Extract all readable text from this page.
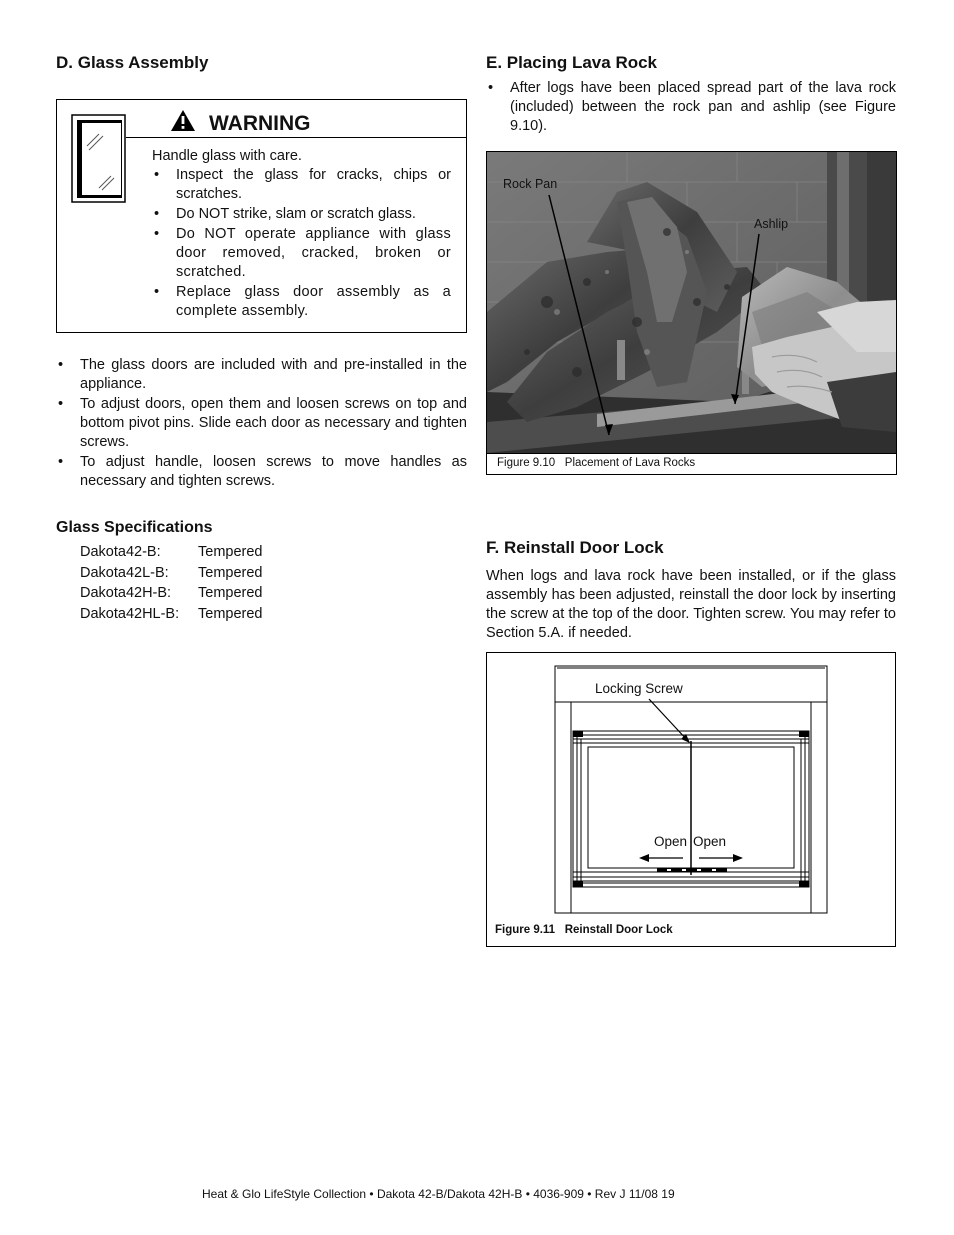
D. Glass Assembly
WARNING
Handle glass with care.
• Inspect the glass for cracks, chips or scratches.
• Do NOT strike, slam or scratch glass.
• Do NOT operate appliance with glass door removed, cracked, broken or scratched.
• Replace glass door assembly as a complete assembly.
• The glass doors are included with and pre-installed in the appliance.
• To adjust doors, open them and loosen screws on top and bottom pivot pins. Slide each door as necessary and tighten screws.
• To adjust handle, loosen screws to move handles as necessary and tighten screws.
Glass Specifications
Dakota42-B:	Tempered
Dakota42L-B:	Tempered
Dakota42H-B:	Tempered
Dakota42HL-B:	Tempered
E. Placing Lava Rock
• After logs have been placed spread part of the lava rock (included) between the rock pan and ashlip (see Figure 9.10).
Rock Pan
Ashlip
Figure 9.10 Placement of Lava Rocks
F. Reinstall Door Lock

When logs and lava rock have been installed, or if the glass assembly has been adjusted, reinstall the door lock by inserting the screw at the top of the door. Tighten screw. You may refer to Section 5.A. if needed.

Locking Screw
Open Open
Figure 9.11 Reinstall Door Lock
Heat & Glo LifeStyle Collection • Dakota 42-B/Dakota 42H-B • 4036-909 • Rev J 11/08 19
